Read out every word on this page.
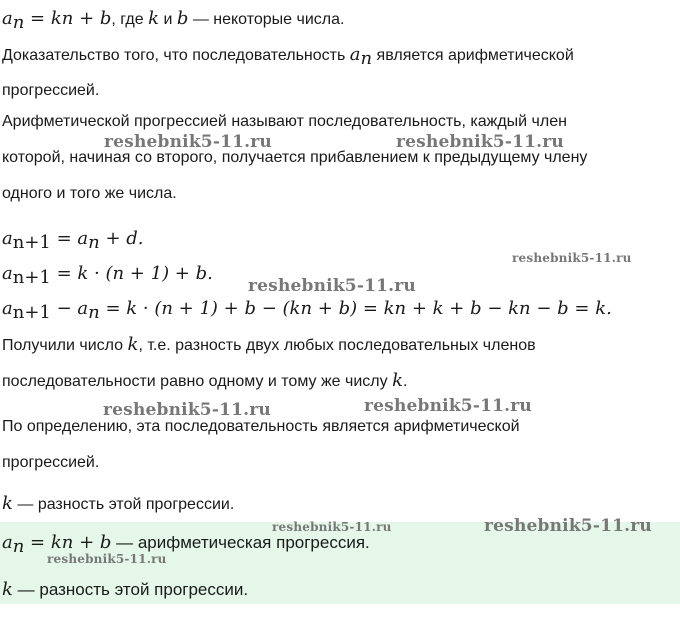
$a_n$ = kn + b, где k и b — некоторые числа.
Доказательство того, что последовательность $a_n$ является арифметической
прогрессией.
Арифметической прогрессией называют последовательность, каждый член
которой, начиная со второго, получается прибавлением к предыдущему члену
одного и того же числа.
$a_{n+1} = a_n + d$.
$a_{n+1} = k \cdot (n + 1) + b$.
$a_{n+1} - a_n = k \cdot (n + 1) + b - (kn + b)$ = kn + k + b − kn − b = k.
Получили число k, т.е. разность двух любых последовательных членов
последовательности равно одному и тому же числу k.
По определению, эта последовательность является арифметической
прогрессией.
k — разность этой прогрессии.
$a_n$ = kn + b — арифметическая прогрессия.
k — разность этой прогрессии.
reshebnik5-11.ru	reshebnik5-11.ru
reshebnik5-11.ru
reshebnik5-11.ru
reshebnik5-11.ru	reshebnik5-11.ru
reshebnik5-11.ru	reshebnik5-11.ru
reshebnik5-11.ru
